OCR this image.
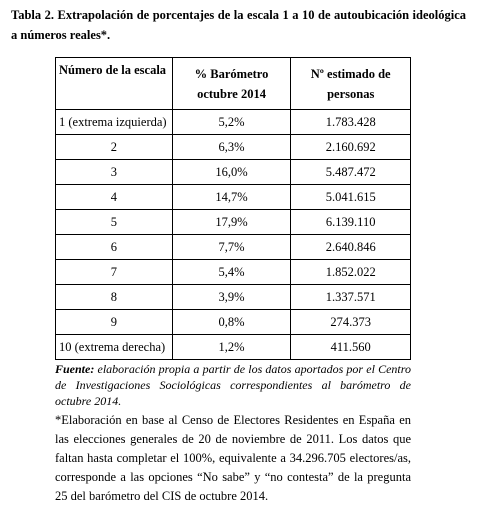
Tabla 2. Extrapolación de porcentajes de la escala 1 a 10 de autoubicación ideológica a números reales*.
Número de la escala	% Barómetro octubre 2014	Nº estimado de personas
1 (extrema izquierda)	5,2%	1.783.428
2	6,3%	2.160.692
3	16,0%	5.487.472
4	14,7%	5.041.615
5	17,9%	6.139.110
6	7,7%	2.640.846
7	5,4%	1.852.022
8	3,9%	1.337.571
9	0,8%	274.373
10 (extrema derecha)	1,2%	411.560
Fuente: elaboración propia a partir de los datos aportados por el Centro de Investigaciones Sociológicas correspondientes al barómetro de octubre 2014.
*Elaboración en base al Censo de Electores Residentes en España en las elecciones generales de 20 de noviembre de 2011. Los datos que faltan hasta completar el 100%, equivalente a 34.296.705 electores/as, corresponde a las opciones “No sabe” y “no contesta” de la pregunta 25 del barómetro del CIS de octubre 2014.
